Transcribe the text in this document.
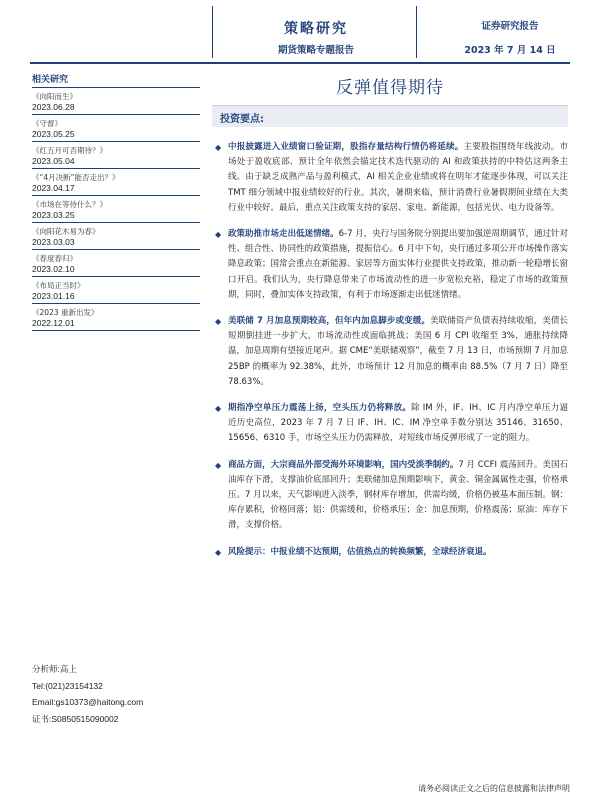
策略研究
期货策略专题报告
证券研究报告
2023 年 7 月 14 日
相关研究
《向阳而生》
2023.06.28
《守督》
2023.05.25
《红五月可否期待？》
2023.05.04
《“4月决断”能否走出？》
2023.04.17
《市场在等待什么？》
2023.03.25
《向阳花木易为春》
2023.03.03
《春度春归》
2023.02.10
《布局正当时》
2023.01.16
《2023 重新出发》
2022.12.01
分析师:高上
Tel:(021)23154132
Email:gs10373@haitong.com
证书:S0850515090002
反弹值得期待
投资要点:
◆ 中报披露进入业绩窗口验证期，股指存量结构行情仍将延续。主要股指围绕年线波动。市场处于盈收底部、预计全年依然会锚定技术迭代驱动的 AI 和政策扶持的中特估这两条主线。由于缺乏成熟产品与盈利模式，AI 相关企业业绩或将在明年才能逐步体现，可以关注 TMT 细分领域中报业绩较好的行业。其次，暑期来临，预计消费行业暑假期间业绩在大类行业中较好。最后，重点关注政策支持的家居、家电、新能源，包括光伏、电力设备等。
◆ 政策助推市场走出低迷情绪。6-7 月，央行与国务院分别提出要加强逆周期调节，通过针对性、组合性、协同性的政策措施，提振信心。6 月中下旬，央行通过多项公开市场操作落实降息政策；国常会重点在新能源、家居等方面实体行业提供支持政策，推动新一轮稳增长窗口开启。我们认为，央行降息带来了市场流动性的进一步宽松充裕，稳定了市场的政策预期，同时，叠加实体支持政策，有利于市场逐渐走出低迷情绪。
◆ 美联储 7 月加息预期较高，但年内加息脚步或变缓。美联储资产负债表持续收缩，美债长短期倒挂进一步扩大，市场流动性或面临挑战；美国 6 月 CPI 收缩至 3%，通胀持续降温，加息周期有望接近尾声。据 CME“美联储观察”，截至 7 月 13 日，市场预期 7 月加息 25BP 的概率为 92.38%，此外，市场预计 12 月加息的概率由 88.5%（7 月 7 日）降至 78.63%。
◆ 期指净空单压力震荡上扬，空头压力仍将释放。除 IM 外，IF、IH、IC 月内净空单压力逼近历史高位，2023 年 7 月 7 日 IF、IH、IC、IM 净空单手数分别达 35146、31650、15656、6310 手，市场空头压力仍需释放，对短线市场反弹形成了一定的阻力。
◆ 商品方面，大宗商品外部受海外环境影响，国内受淡季制约。7 月 CCFI 震荡回升。美国石油库存下滑，支撑油价底部回升；美联储加息预期影响下，黄金、铜金属属性走强，价格承压。7 月以来，天气影响进入淡季，钢材库存增加，供需均缓，价格仍被基本面压制。钢：库存累积，价格回落；铝：供需缓和，价格承压；金：加息预期，价格震荡；原油：库存下滑，支撑价格。
◆ 风险提示：中报业绩不达预期，估值热点的转换频繁，全球经济衰退。
请务必阅读正文之后的信息披露和法律声明
